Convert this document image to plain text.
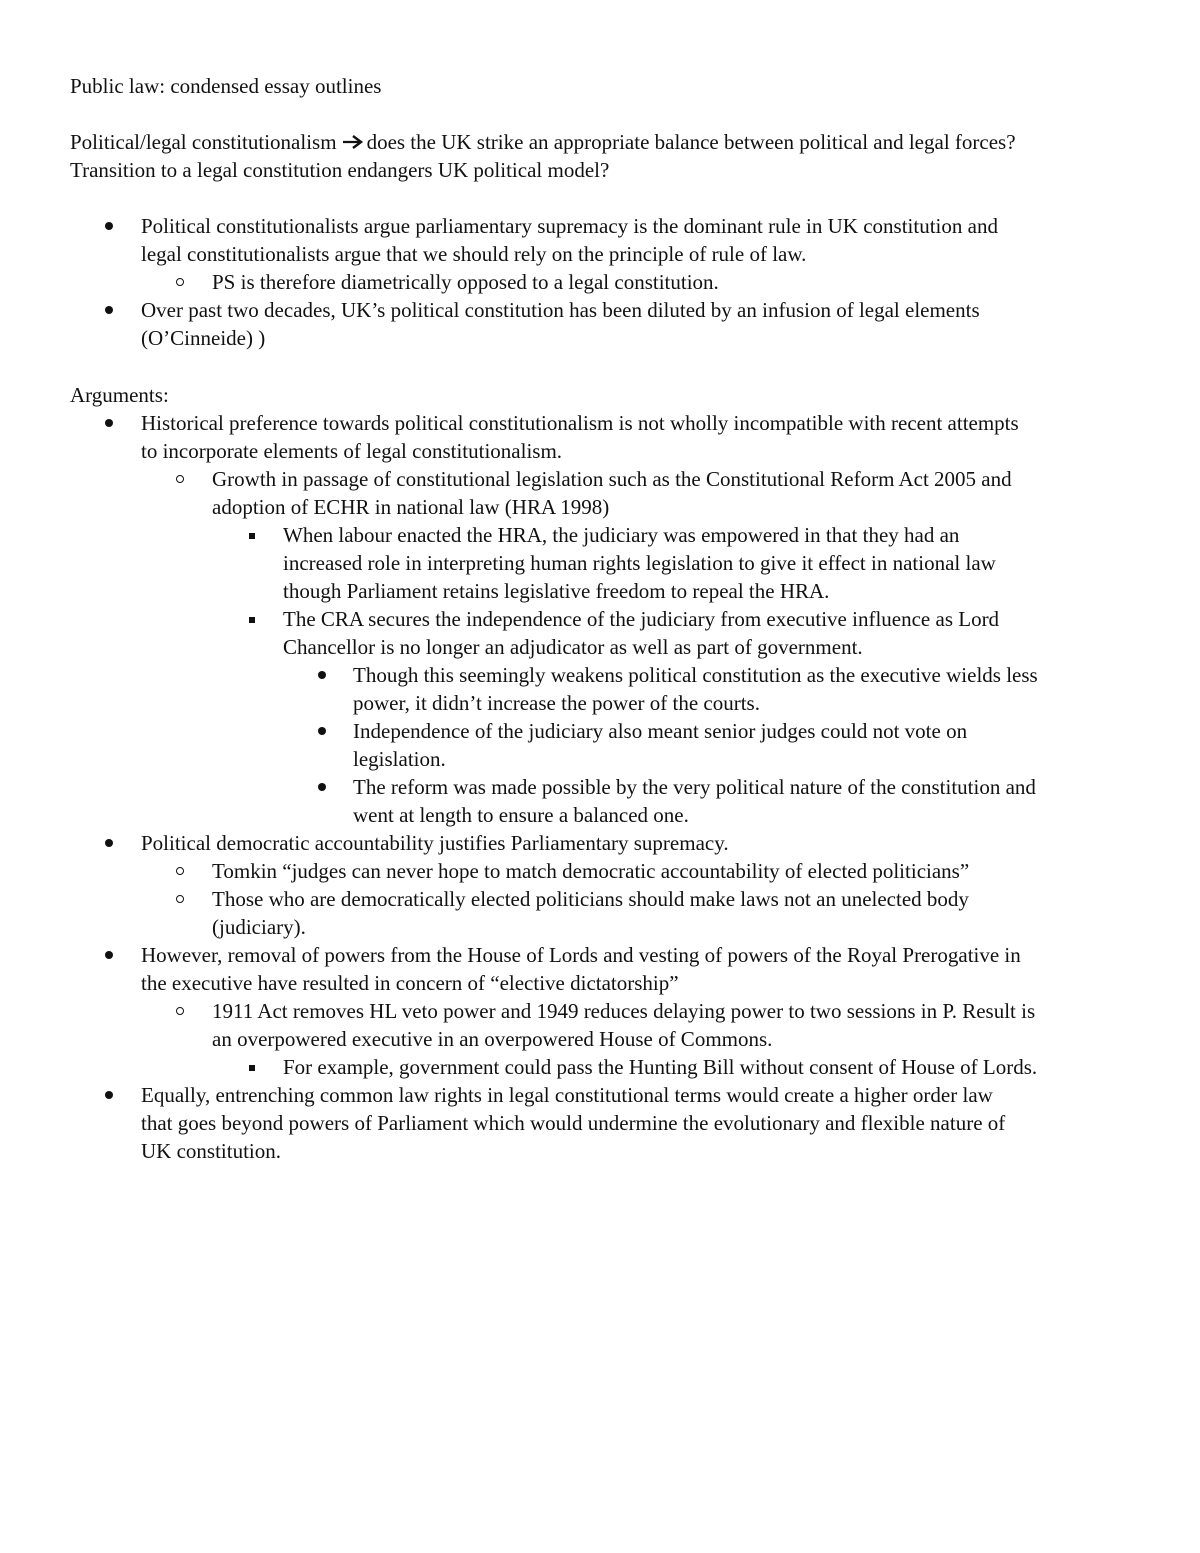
Public law: condensed essay outlines
Political/legal constitutionalism does the UK strike an appropriate balance between political and legal forces?
Transition to a legal constitution endangers UK political model?
Political constitutionalists argue parliamentary supremacy is the dominant rule in UK constitution and
legal constitutionalists argue that we should rely on the principle of rule of law.
PS is therefore diametrically opposed to a legal constitution.
Over past two decades, UK’s political constitution has been diluted by an infusion of legal elements
(O’Cinneide) )
Arguments:
Historical preference towards political constitutionalism is not wholly incompatible with recent attempts
to incorporate elements of legal constitutionalism.
Growth in passage of constitutional legislation such as the Constitutional Reform Act 2005 and
adoption of ECHR in national law (HRA 1998)
When labour enacted the HRA, the judiciary was empowered in that they had an
increased role in interpreting human rights legislation to give it effect in national law
though Parliament retains legislative freedom to repeal the HRA.
The CRA secures the independence of the judiciary from executive influence as Lord
Chancellor is no longer an adjudicator as well as part of government.
Though this seemingly weakens political constitution as the executive wields less
power, it didn’t increase the power of the courts.
Independence of the judiciary also meant senior judges could not vote on
legislation.
The reform was made possible by the very political nature of the constitution and
went at length to ensure a balanced one.
Political democratic accountability justifies Parliamentary supremacy.
Tomkin “judges can never hope to match democratic accountability of elected politicians”
Those who are democratically elected politicians should make laws not an unelected body
(judiciary).
However, removal of powers from the House of Lords and vesting of powers of the Royal Prerogative in
the executive have resulted in concern of “elective dictatorship”
1911 Act removes HL veto power and 1949 reduces delaying power to two sessions in P. Result is
an overpowered executive in an overpowered House of Commons.
For example, government could pass the Hunting Bill without consent of House of Lords.
Equally, entrenching common law rights in legal constitutional terms would create a higher order law
that goes beyond powers of Parliament which would undermine the evolutionary and flexible nature of
UK constitution.
